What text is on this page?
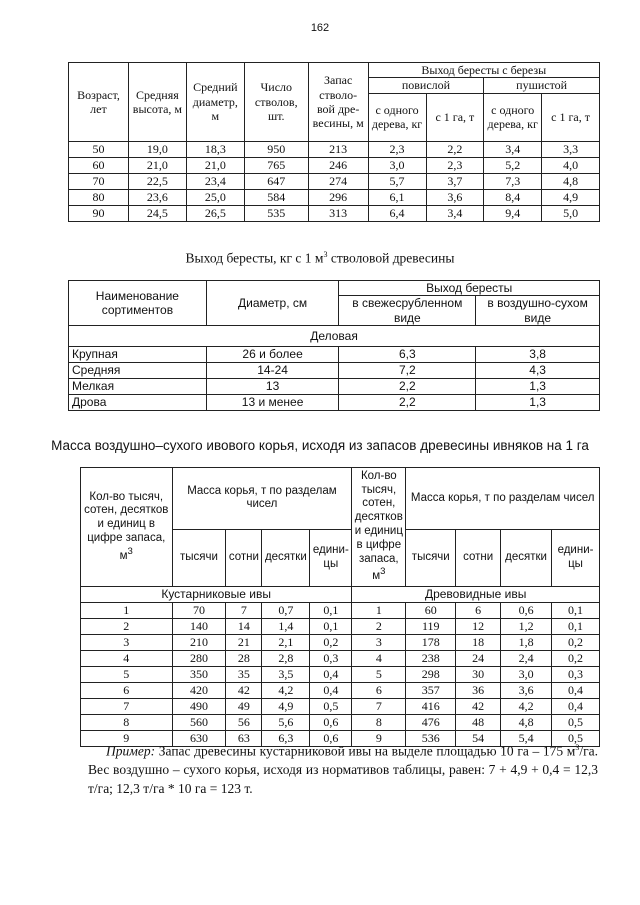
162
Возраст, лет	Средняя высота, м	Средний диаметр, м	Число стволов, шт.	Запас стволо-вой дре-весины, м	Выход бересты с березы			
					повислой		пушистой	
					с одного дерева, кг	с 1 га, т	с одного дерева, кг	с 1 га, т
50	19,0	18,3	950	213	2,3	2,2	3,4	3,3
60	21,0	21,0	765	246	3,0	2,3	5,2	4,0
70	22,5	23,4	647	274	5,7	3,7	7,3	4,8
80	23,6	25,0	584	296	6,1	3,6	8,4	4,9
90	24,5	26,5	535	313	6,4	3,4	9,4	5,0
Выход бересты, кг с 1 $м^3$ стволовой древесины
Наименование сортиментов	Диаметр, см	Выход бересты	
		в свежесрубленном виде	в воздушно-сухом виде
Деловая			
Крупная	26 и более	6,3	3,8
Средняя	14-24	7,2	4,3
Мелкая	13	2,2	1,3
Дрова	13 и менее	2,2	1,3
Масса воздушно–сухого ивового корья, исходя из запасов древесины ивняков на 1 га
Кол-во тысяч, сотен, десятков и единиц в цифре запаса, $м^3$	Масса корья, т по разделам чисел				Кол-во тысяч, сотен, десятков и единиц в цифре запаса, $м^3$	Масса корья, т по разделам чисел			
	тысячи	сотни	десятки	едини-цы		тысячи	сотни	десятки	едини-цы
Кустарниковые ивы					Древовидные ивы				
1	70	7	0,7	0,1	1	60	6	0,6	0,1
2	140	14	1,4	0,1	2	119	12	1,2	0,1
3	210	21	2,1	0,2	3	178	18	1,8	0,2
4	280	28	2,8	0,3	4	238	24	2,4	0,2
5	350	35	3,5	0,4	5	298	30	3,0	0,3
6	420	42	4,2	0,4	6	357	36	3,6	0,4
7	490	49	4,9	0,5	7	416	42	4,2	0,4
8	560	56	5,6	0,6	8	476	48	4,8	0,5
9	630	63	6,3	0,6	9	536	54	5,4	0,5
Пример: Запас древесины кустарниковой ивы на выделе площадью 10 га – 175 $м^3/га$. Вес воздушно – сухого корья, исходя из нормативов таблицы, равен: 7 + 4,9 + 0,4 = 12,3 т/га; 12,3 т/га * 10 га = 123 т.
